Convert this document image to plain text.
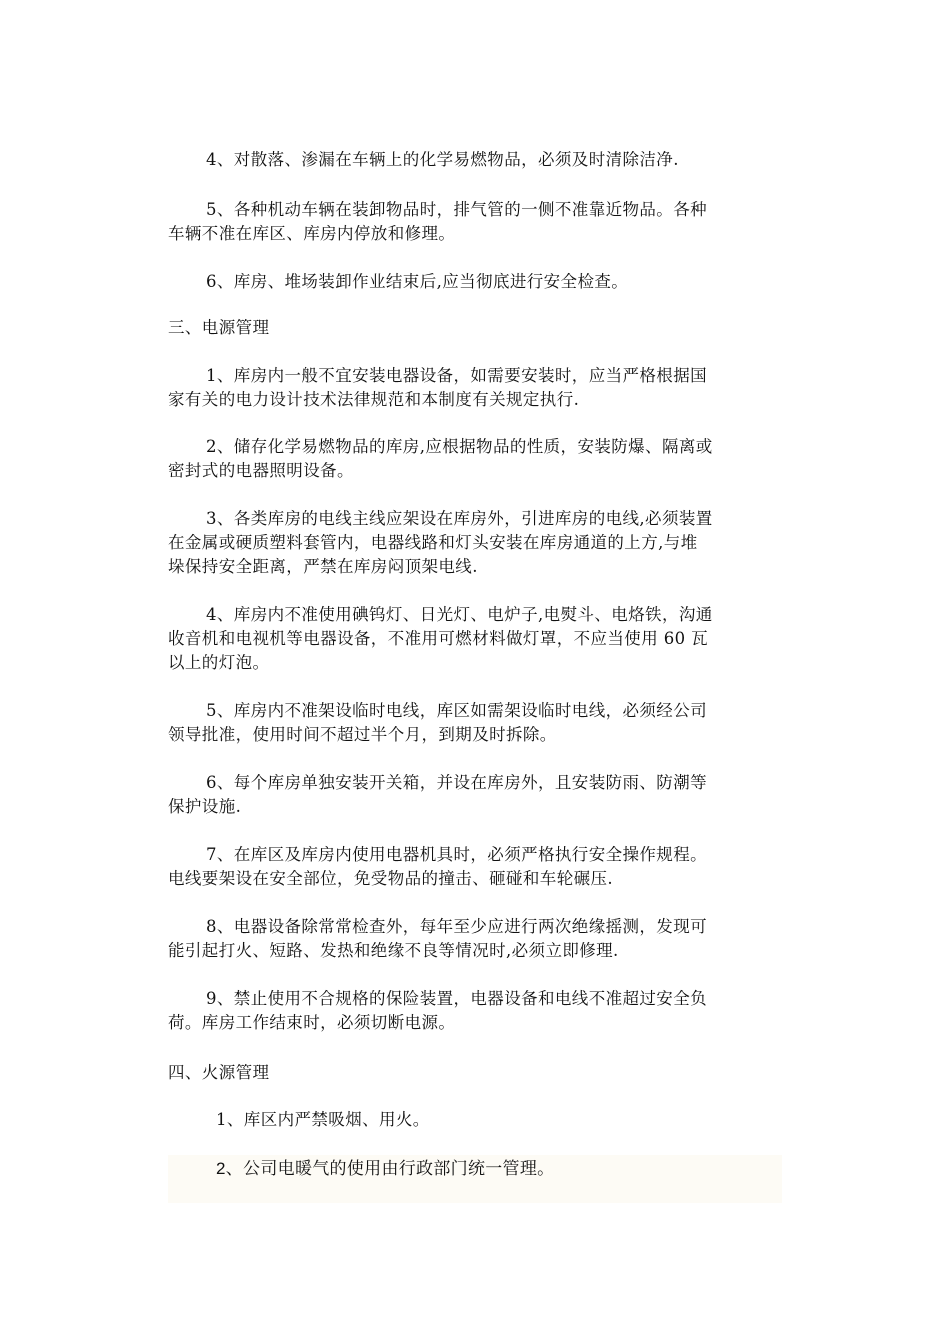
4、对散落、渗漏在车辆上的化学易燃物品，必须及时清除洁净.
5、各种机动车辆在装卸物品时，排气管的一侧不准靠近物品。各种
车辆不准在库区、库房内停放和修理。
6、库房、堆场装卸作业结束后,应当彻底进行安全检查。
三、电源管理
1、库房内一般不宜安装电器设备，如需要安装时，应当严格根据国
家有关的电力设计技术法律规范和本制度有关规定执行.
2、储存化学易燃物品的库房,应根据物品的性质，安装防爆、隔离或
密封式的电器照明设备。
3、各类库房的电线主线应架设在库房外，引进库房的电线,必须装置
在金属或硬质塑料套管内，电器线路和灯头安装在库房通道的上方,与堆
垛保持安全距离，严禁在库房闷顶架电线.
4、库房内不准使用碘钨灯、日光灯、电炉子,电熨斗、电烙铁，沟通
收音机和电视机等电器设备，不准用可燃材料做灯罩，不应当使用 60 瓦
以上的灯泡。
5、库房内不准架设临时电线，库区如需架设临时电线，必须经公司
领导批准，使用时间不超过半个月，到期及时拆除。
6、每个库房单独安装开关箱，并设在库房外，且安装防雨、防潮等
保护设施.
7、在库区及库房内使用电器机具时，必须严格执行安全操作规程。
电线要架设在安全部位，免受物品的撞击、砸碰和车轮碾压.
8、电器设备除常常检查外，每年至少应进行两次绝缘摇测，发现可
能引起打火、短路、发热和绝缘不良等情况时,必须立即修理.
9、禁止使用不合规格的保险装置，电器设备和电线不准超过安全负
荷。库房工作结束时，必须切断电源。
四、火源管理
1、库区内严禁吸烟、用火。
2、公司电暖气的使用由行政部门统一管理。
